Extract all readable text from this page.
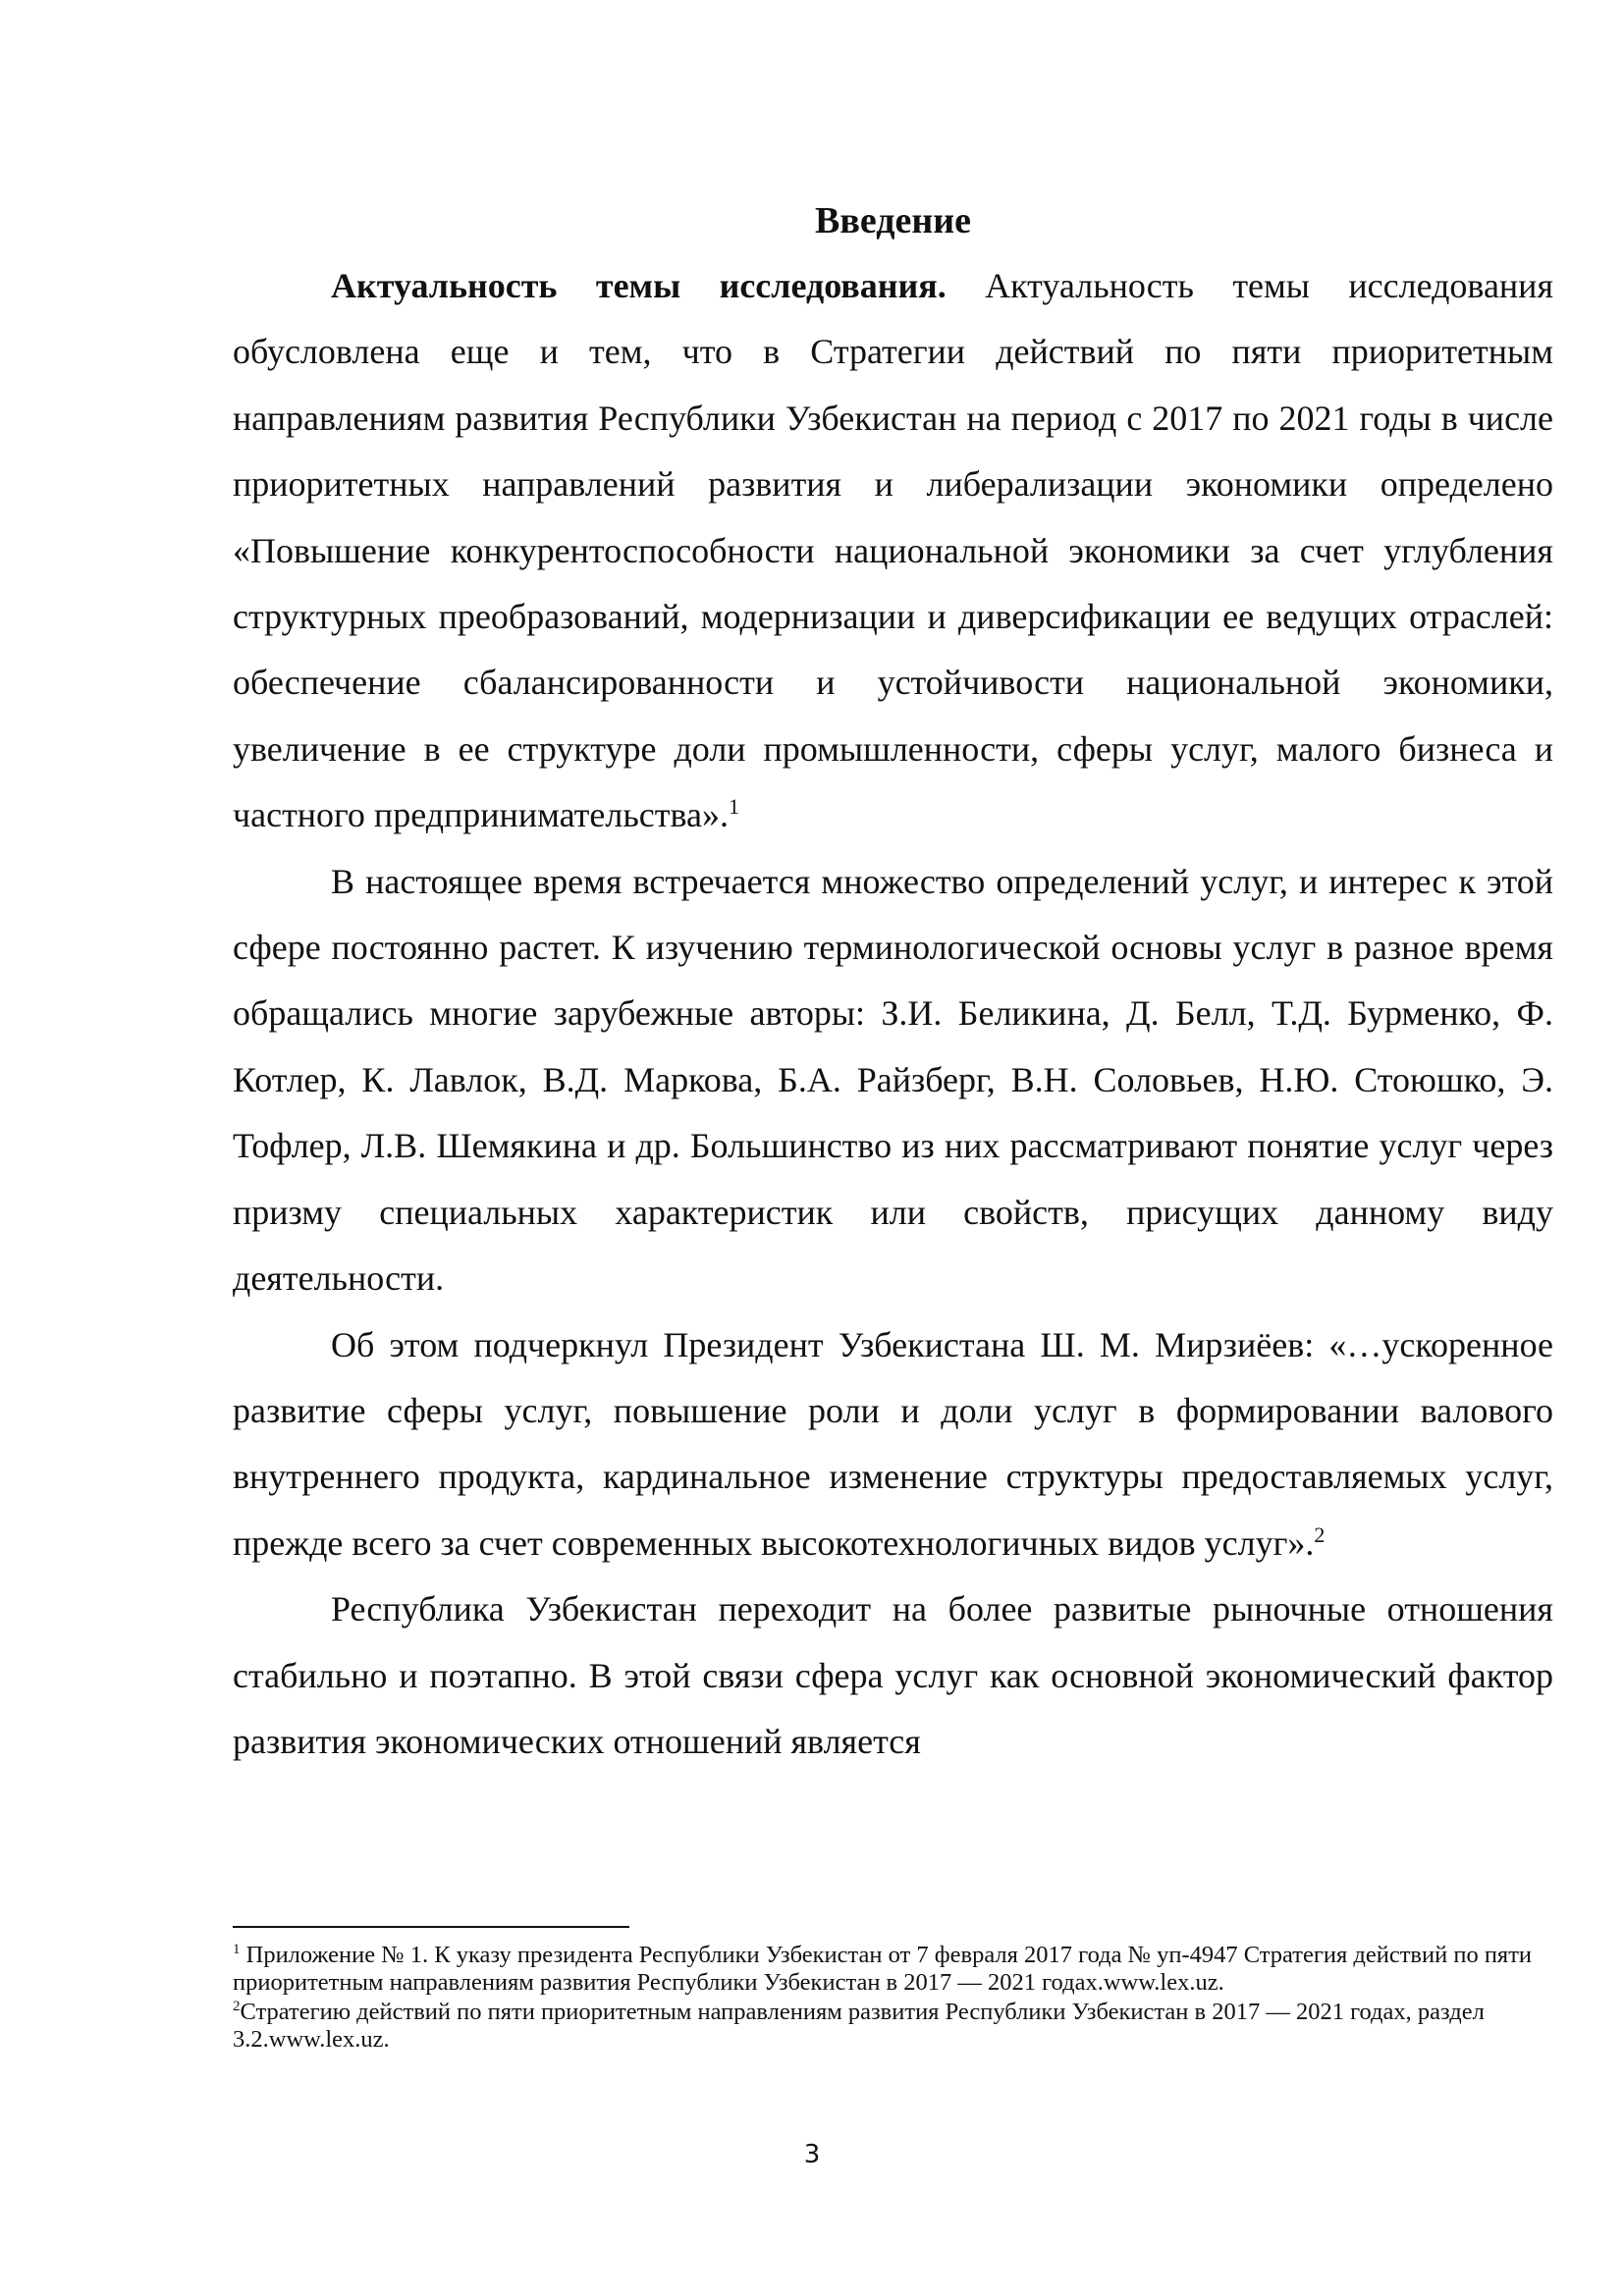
Введение

Актуальность темы исследования. Актуальность темы исследования обусловлена еще и тем, что в Стратегии действий по пяти приоритетным направлениям развития Республики Узбекистан на период с 2017 по 2021 годы в числе приоритетных направлений развития и либерализации экономики определено «Повышение конкурентоспособности национальной экономики за счет углубления структурных преобразований, модернизации и диверсификации ее ведущих отраслей: обеспечение сбалансированности и устойчивости национальной экономики, увеличение в ее структуре доли промышленности, сферы услуг, малого бизнеса и частного предпринимательства».$^1$

В настоящее время встречается множество определений услуг, и интерес к этой сфере постоянно растет. К изучению терминологической основы услуг в разное время обращались многие зарубежные авторы: З.И. Беликина, Д. Белл, Т.Д. Бурменко, Ф. Котлер, К. Лавлок, В.Д. Маркова, Б.А. Райзберг, В.Н. Соловьев, Н.Ю. Стоюшко, Э. Тофлер, Л.В. Шемякина и др. Большинство из них рассматривают понятие услуг через призму специальных характеристик или свойств, присущих данному виду деятельности.

Об этом подчеркнул Президент Узбекистана Ш. М. Мирзиёев: «…ускоренное развитие сферы услуг, повышение роли и доли услуг в формировании валового внутреннего продукта, кардинальное изменение структуры предоставляемых услуг, прежде всего за счет современных высокотехнологичных видов услуг».$^2$

Республика Узбекистан переходит на более развитые рыночные отношения стабильно и поэтапно. В этой связи сфера услуг как основной экономический фактор развития экономических отношений является

$^1$ Приложение № 1. К указу президента Республики Узбекистан от 7 февраля 2017 года № уп-4947 Стратегия действий по пяти приоритетным направлениям развития Республики Узбекистан в 2017 — 2021 годах.www.lex.uz.

$^2$Стратегию действий по пяти приоритетным направлениям развития Республики Узбекистан в 2017 — 2021 годах, раздел 3.2.www.lex.uz.

3
